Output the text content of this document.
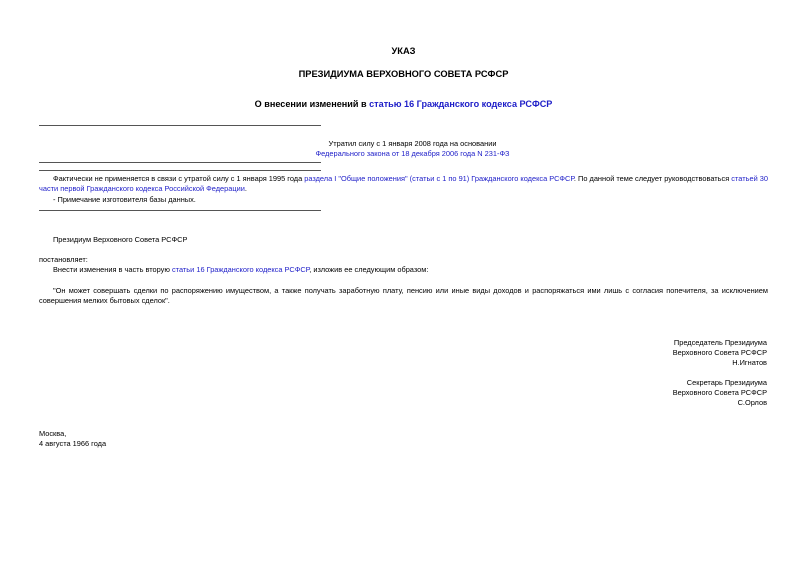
УКАЗ
ПРЕЗИДИУМА ВЕРХОВНОГО СОВЕТА РСФСР
О внесении изменений в статью 16 Гражданского кодекса РСФСР
Утратил силу с 1 января 2008 года на основании
Федерального закона от 18 декабря 2006 года N 231-ФЗ
Фактически не применяется в связи с утратой силу с 1 января 1995 года раздела I "Общие положения" (статьи с 1 по 91) Гражданского кодекса РСФСР. По данной теме следует руководствоваться статьей 30 части первой Гражданского кодекса Российской Федерации.
- Примечание изготовителя базы данных.
Президиум Верховного Совета РСФСР
постановляет:
Внести изменения в часть вторую статьи 16 Гражданского кодекса РСФСР, изложив ее следующим образом:
"Он может совершать сделки по распоряжению имуществом, а также получать заработную плату, пенсию или иные виды доходов и распоряжаться ими лишь с согласия попечителя, за исключением совершения мелких бытовых сделок".
Председатель Президиума
Верховного Совета РСФСР
Н.Игнатов
Секретарь Президиума
Верховного Совета РСФСР
С.Орлов
Москва,
4 августа 1966 года
